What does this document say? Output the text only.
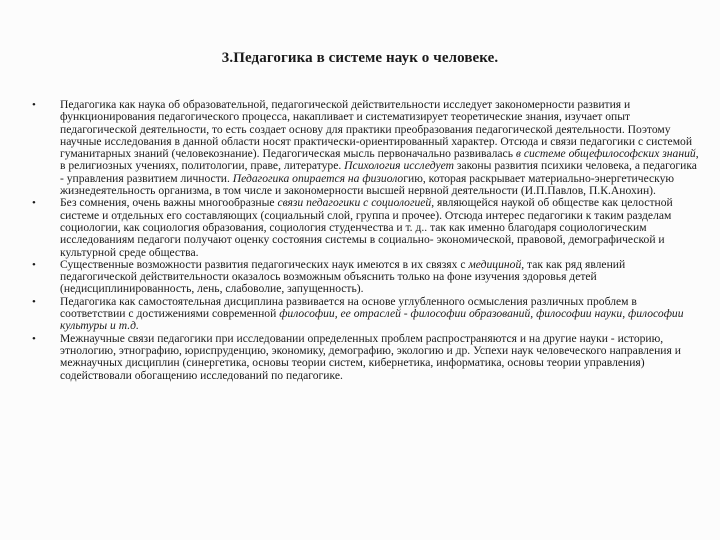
3.Педагогика в системе наук о человеке.
• Педагогика как наука об образовательной, педагогической действительности исследует закономерности развития и функционирования педагогического процесса, накапливает и систематизирует теоретические знания, изучает опыт педагогической деятельности, то есть создает основу для практики преобразования педагогической деятельности. Поэтому научные исследования в данной области носят практически-ориентированный характер. Отсюда и связи педагогики с системой гуманитарных знаний (человекознание). Педагогическая мысль первоначально развивалась в системе общефилософских знаний, в религиозных учениях, политологии, праве, литературе. Психология исследует законы развития психики человека, а педагогика - управления развитием личности. Педагогика опирается на физиологию, которая раскрывает материально-энергетическую жизнедеятельность организма, в том числе и закономерности высшей нервной деятельности (И.П.Павлов, П.К.Анохин).
• Без сомнения, очень важны многообразные связи педагогики с социологией, являющейся наукой об обществе как целостной системе и отдельных его составляющих (социальный слой, группа и прочее). Отсюда интерес педагогики к таким разделам социологии, как социология образования, социология студенчества и т. д.. так как именно благодаря социологическим исследованиям педагоги получают оценку состояния системы в социально- экономической, правовой, демографической и культурной среде общества.
• Существенные возможности развития педагогических наук имеются в их связях с медициной, так как ряд явлений педагогической действительности оказалось возможным объяснить только на фоне изучения здоровья детей (недисциплинированность, лень, слабоволие, запущенность).
• Педагогика как самостоятельная дисциплина развивается на основе углубленного осмысления различных проблем в соответствии с достижениями современной философии, ее отраслей - философии образований, философии науки, философии культуры и т.д.
• Межнаучные связи педагогики при исследовании определенных проблем распространяются и на другие науки - историю, этнологию, этнографию, юриспруденцию, экономику, демографию, экологию и др. Успехи наук человеческого направления и межнаучных дисциплин (синергетика, основы теории систем, кибернетика, информатика, основы теории управления) содействовали обогащению исследований по педагогике.
